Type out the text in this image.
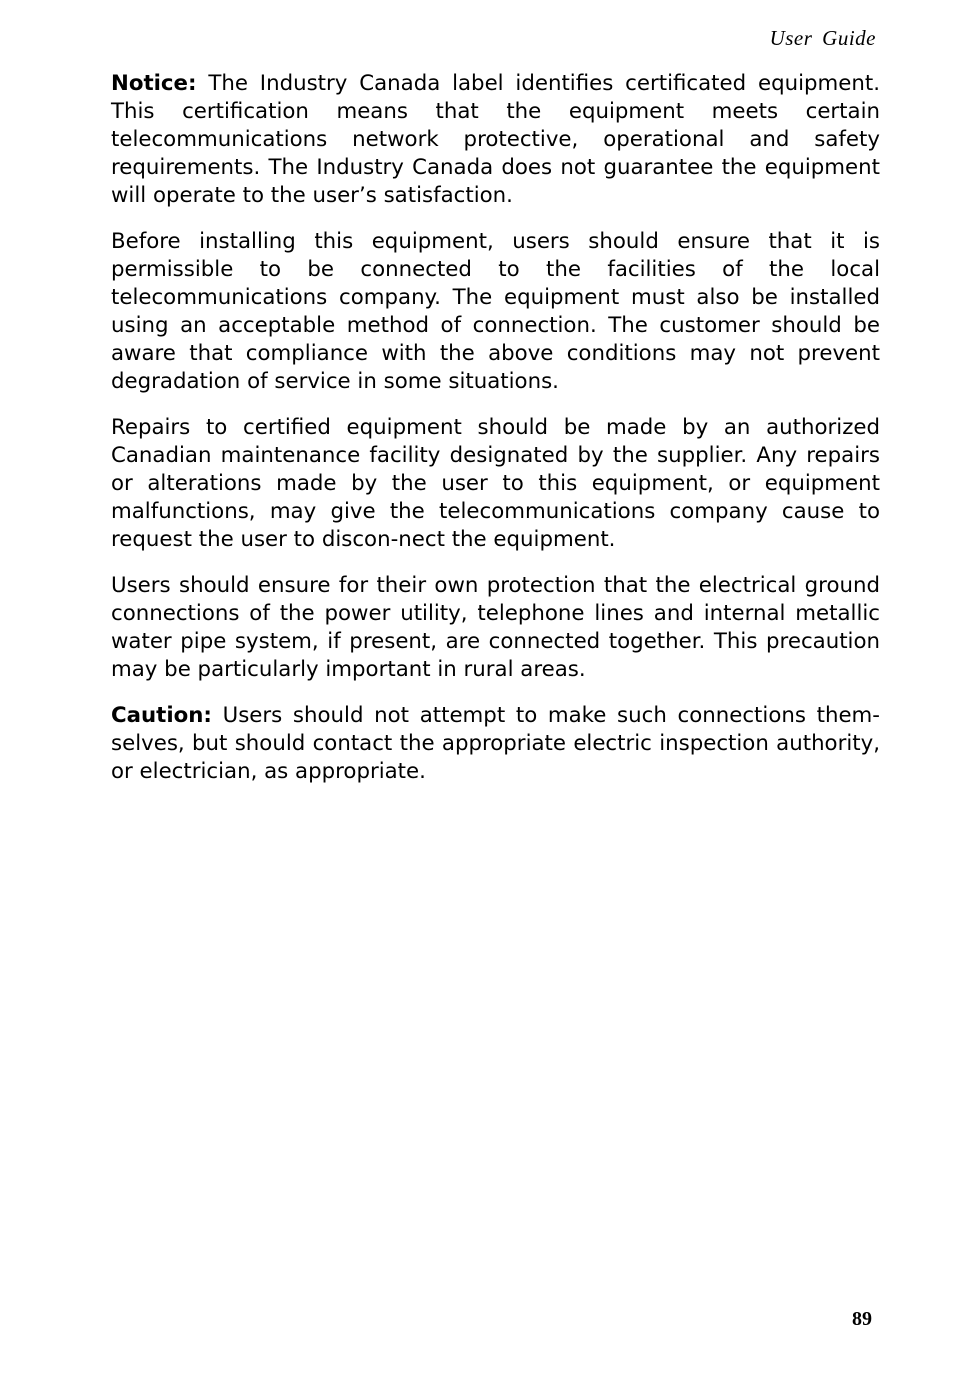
User Guide

Notice: The Industry Canada label identifies certificated equipment. This certification means that the equipment meets certain telecommunications network protective, operational and safety requirements. The Industry Canada does not guarantee the equipment will operate to the user’s satisfaction.

Before installing this equipment, users should ensure that it is permissible to be connected to the facilities of the local telecommunications company. The equipment must also be installed using an acceptable method of connection. The customer should be aware that compliance with the above conditions may not prevent degradation of service in some situations.

Repairs to certified equipment should be made by an authorized Canadian maintenance facility designated by the supplier. Any repairs or alterations made by the user to this equipment, or equipment malfunctions, may give the telecommunications company cause to request the user to discon-nect the equipment.

Users should ensure for their own protection that the electrical ground connections of the power utility, telephone lines and internal metallic water pipe system, if present, are connected together. This precaution may be particularly important in rural areas.

Caution: Users should not attempt to make such connections them-selves, but should contact the appropriate electric inspection authority, or electrician, as appropriate.

89
